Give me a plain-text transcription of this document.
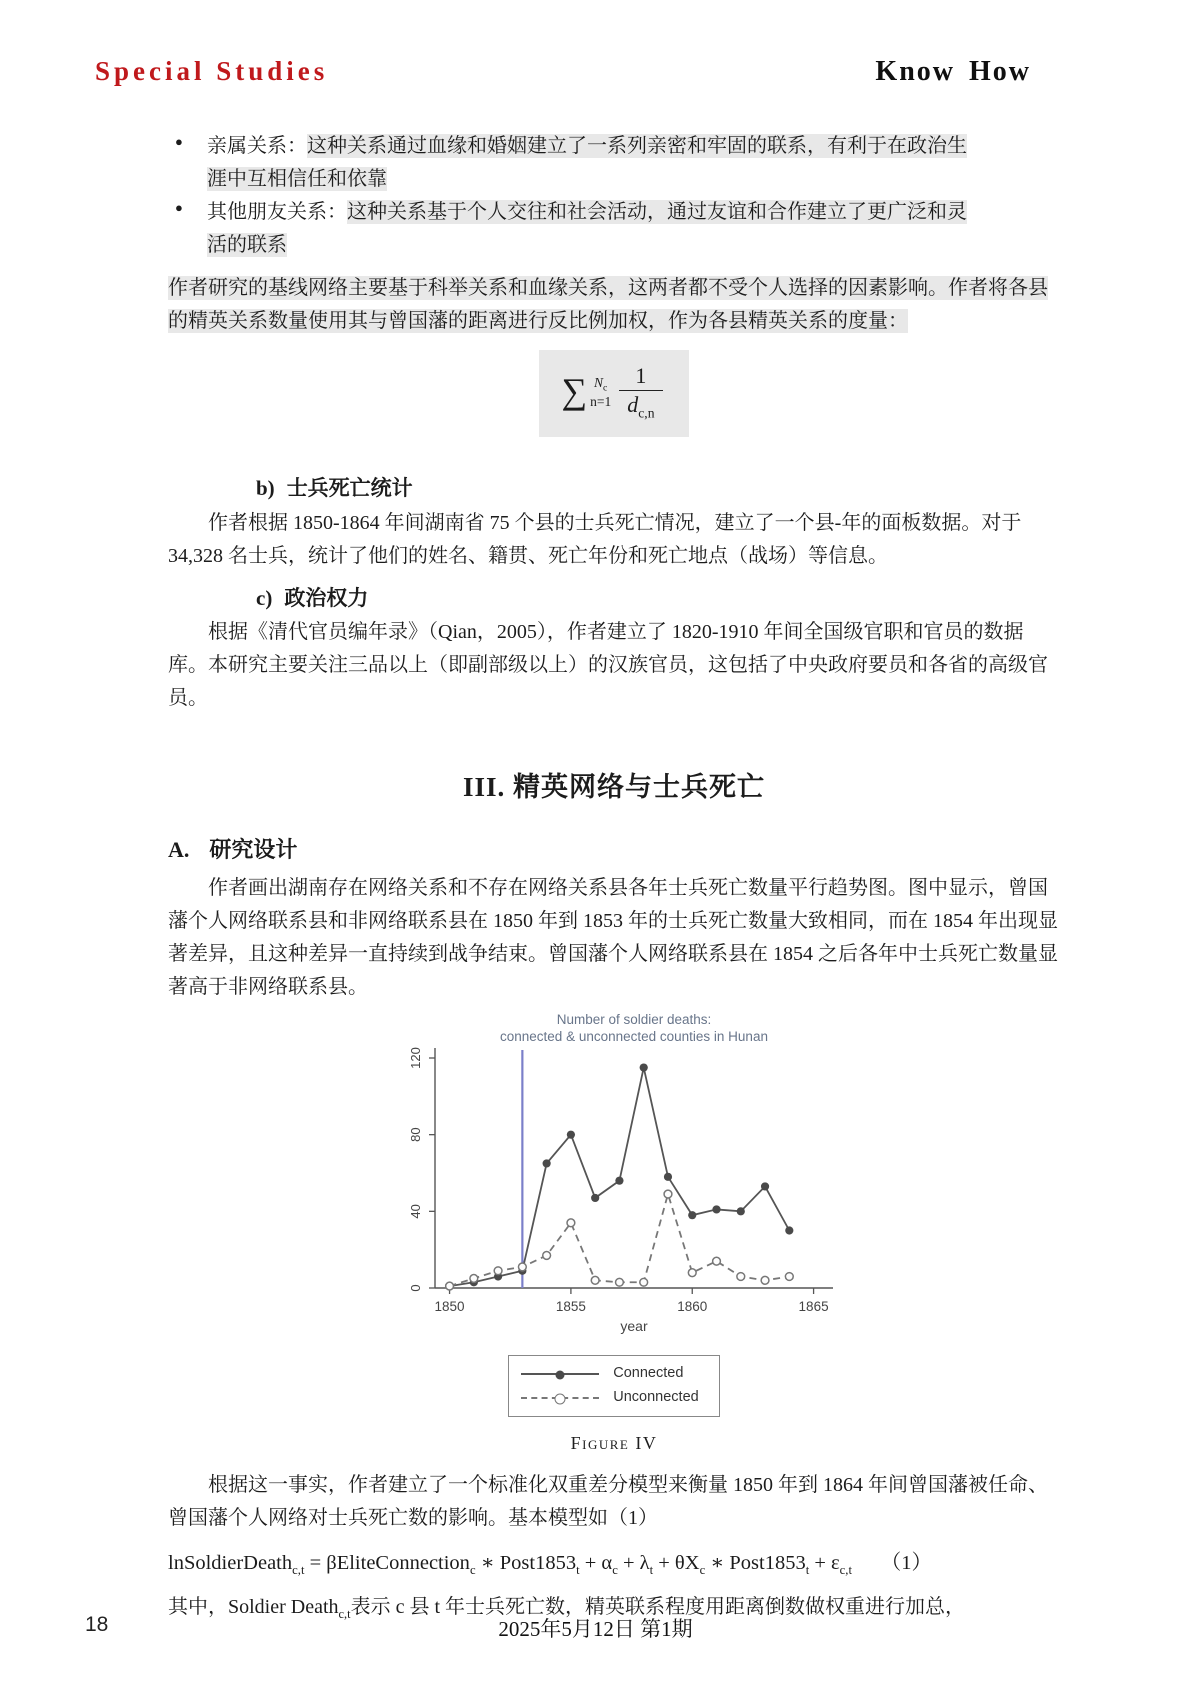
Special Studies	Know How
● 亲属关系：这种关系通过血缘和婚姻建立了一系列亲密和牢固的联系，有利于在政治生涯中互相信任和依靠
● 其他朋友关系：这种关系基于个人交往和社会活动，通过友谊和合作建立了更广泛和灵活的联系

作者研究的基线网络主要基于科举关系和血缘关系，这两者都不受个人选择的因素影响。作者将各县的精英关系数量使用其与曾国藩的距离进行反比例加权，作为各县精英关系的度量：

∑ $N_c$
$n=1 \frac{1}{d_{c,n}}$
b) 士兵死亡统计

作者根据 1850-1864 年间湖南省 75 个县的士兵死亡情况，建立了一个县-年的面板数据。对于 34,328 名士兵，统计了他们的姓名、籍贯、死亡年份和死亡地点（战场）等信息。

c) 政治权力

根据《清代官员编年录》（Qian，2005），作者建立了 1820-1910 年间全国级官职和官员的数据库。本研究主要关注三品以上（即副部级以上）的汉族官员，这包括了中央政府要员和各省的高级官员。

III. 精英网络与士兵死亡
A. 研究设计

作者画出湖南存在网络关系和不存在网络关系县各年士兵死亡数量平行趋势图。图中显示，曾国藩个人网络联系县和非网络联系县在 1850 年到 1853 年的士兵死亡数量大致相同，而在 1854 年出现显著差异，且这种差异一直持续到战争结束。曾国藩个人网络联系县在 1854 之后各年中士兵死亡数量显著高于非网络联系县。

Number of soldier deaths:
connected & unconnected counties in Hunan
0
40
80
120
1850	1855	1860	1865
year
Connected
Unconnected
Figure IV

根据这一事实，作者建立了一个标准化双重差分模型来衡量 1850 年到 1864 年间曾国藩被任命、曾国藩个人网络对士兵死亡数的影响。基本模型如（1）

lnSoldierDeath$_{c,t}$ = βEliteConnection$_c$ ∗ $Post1853_t + \alpha_c + \lambda_t + \theta X_c$ ∗ $Post1853_t + \varepsilon_{c,t}$ （1）

其中，Soldier Death$_{c,t}$表示 c 县 t 年士兵死亡数，精英联系程度用距离倒数做权重进行加总，

18	2025年5月12日 第1期
